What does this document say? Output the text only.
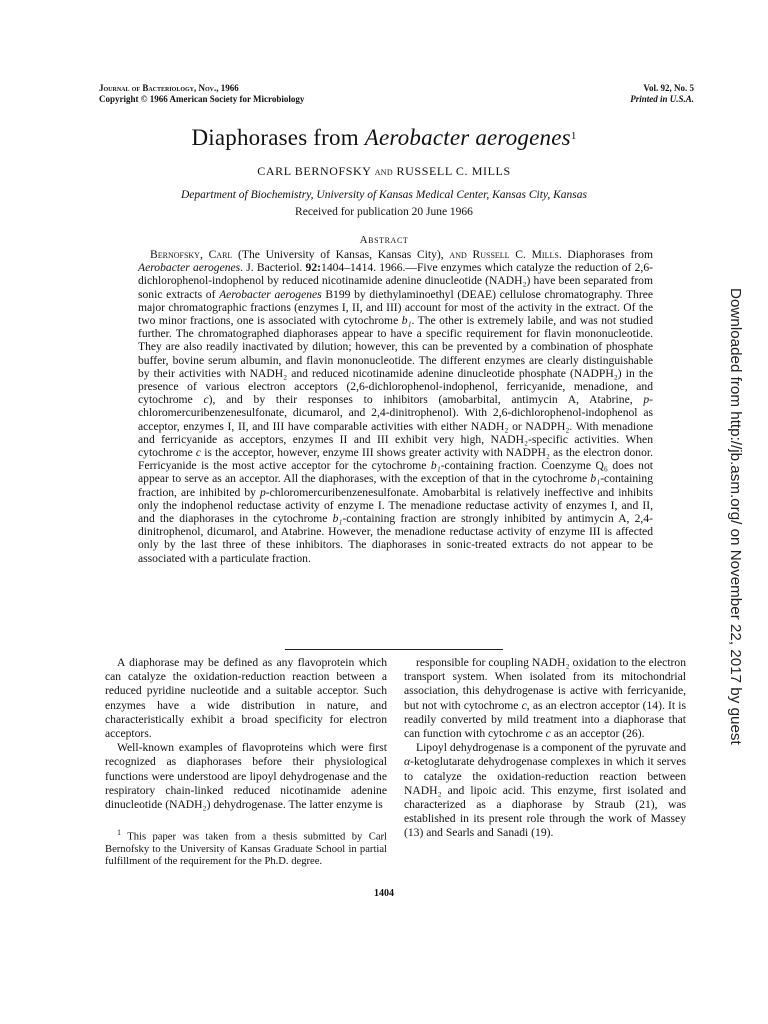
Journal of Bacteriology, Nov., 1966
Copyright © 1966 American Society for Microbiology
Vol. 92, No. 5
Printed in U.S.A.
Diaphorases from Aerobacter aerogenes$^1$
CARL BERNOFSKY and RUSSELL C. MILLS
Department of Biochemistry, University of Kansas Medical Center, Kansas City, Kansas
Received for publication 20 June 1966
Abstract

Bernofsky, Carl (The University of Kansas, Kansas City), and Russell C. Mills. Diaphorases from Aerobacter aerogenes. J. Bacteriol. 92:1404–1414. 1966.—Five enzymes which catalyze the reduction of 2,6-dichlorophenol-indophenol by reduced nicotinamide adenine dinucleotide (NADH₂) have been separated from sonic extracts of Aerobacter aerogenes B199 by diethylaminoethyl (DEAE) cellulose chromatography. Three major chromatographic fractions (enzymes I, II, and III) account for most of the activity in the extract. Of the two minor fractions, one is associated with cytochrome b₁. The other is extremely labile, and was not studied further. The chromatographed diaphorases appear to have a specific requirement for flavin mononucleotide. They are also readily inactivated by dilution; however, this can be prevented by a combination of phosphate buffer, bovine serum albumin, and flavin mononucleotide. The different enzymes are clearly distinguishable by their activities with NADH₂ and reduced nicotinamide adenine dinucleotide phosphate (NADPH₂) in the presence of various electron acceptors (2,6-dichlorophenol-indophenol, ferricyanide, menadione, and cytochrome c), and by their responses to inhibitors (amobarbital, antimycin A, Atabrine, p-chloromercuribenzenesulfonate, dicumarol, and 2,4-dinitrophenol). With 2,6-dichlorophenol-indophenol as acceptor, enzymes I, II, and III have comparable activities with either NADH₂ or NADPH₂. With menadione and ferricyanide as acceptors, enzymes II and III exhibit very high, NADH₂-specific activities. When cytochrome c is the acceptor, however, enzyme III shows greater activity with NADPH₂ as the electron donor. Ferricyanide is the most active acceptor for the cytochrome b₁-containing fraction. Coenzyme Q₆ does not appear to serve as an acceptor. All the diaphorases, with the exception of that in the cytochrome b₁-containing fraction, are inhibited by p-chloromercuribenzenesulfonate. Amobarbital is relatively ineffective and inhibits only the indophenol reductase activity of enzyme I. The menadione reductase activity of enzymes I, and II, and the diaphorases in the cytochrome b₁-containing fraction are strongly inhibited by antimycin A, 2,4-dinitrophenol, dicumarol, and Atabrine. However, the menadione reductase activity of enzyme III is affected only by the last three of these inhibitors. The diaphorases in sonic-treated extracts do not appear to be associated with a particulate fraction.

A diaphorase may be defined as any flavoprotein which can catalyze the oxidation-reduction reaction between a reduced pyridine nucleotide and a suitable acceptor. Such enzymes have a wide distribution in nature, and characteristically exhibit a broad specificity for electron acceptors.

Well-known examples of flavoproteins which were first recognized as diaphorases before their physiological functions were understood are lipoyl dehydrogenase and the respiratory chain-linked reduced nicotinamide adenine dinucleotide (NADH₂) dehydrogenase. The latter enzyme is

$^1$ This paper was taken from a thesis submitted by Carl Bernofsky to the University of Kansas Graduate School in partial fulfillment of the requirement for the Ph.D. degree.

responsible for coupling NADH₂ oxidation to the electron transport system. When isolated from its mitochondrial association, this dehydrogenase is active with ferricyanide, but not with cytochrome c, as an electron acceptor (14). It is readily converted by mild treatment into a diaphorase that can function with cytochrome c as an acceptor (26).

Lipoyl dehydrogenase is a component of the pyruvate and α-ketoglutarate dehydrogenase complexes in which it serves to catalyze the oxidation-reduction reaction between NADH₂ and lipoic acid. This enzyme, first isolated and characterized as a diaphorase by Straub (21), was established in its present role through the work of Massey (13) and Searls and Sanadi (19).

1404
Downloaded from http://jb.asm.org/ on November 22, 2017 by guest
